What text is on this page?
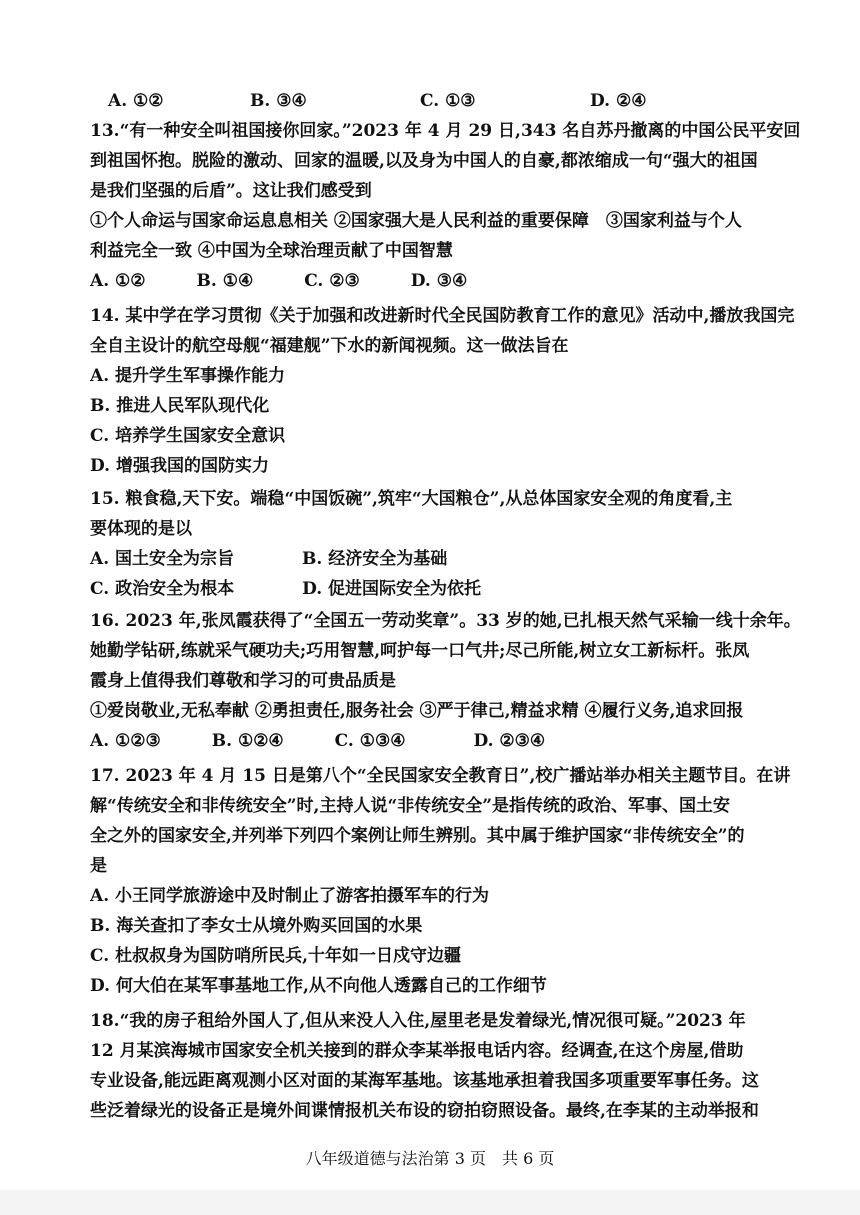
A. ①②	B. ③④	C. ①③	D. ②④
13.“有一种安全叫祖国接你回家。”2023 年 4 月 29 日,343 名自苏丹撤离的中国公民平安回
到祖国怀抱。脱险的激动、回家的温暖,以及身为中国人的自豪,都浓缩成一句“强大的祖国
是我们坚强的后盾”。这让我们感受到
①个人命运与国家命运息息相关 ②国家强大是人民利益的重要保障　③国家利益与个人
利益完全一致 ④中国为全球治理贡献了中国智慧
A. ①②　　　B. ①④　　　C. ②③　　　D. ③④
14. 某中学在学习贯彻《关于加强和改进新时代全民国防教育工作的意见》活动中,播放我国完
全自主设计的航空母舰“福建舰”下水的新闻视频。这一做法旨在
A. 提升学生军事操作能力
B. 推进人民军队现代化
C. 培养学生国家安全意识
D. 增强我国的国防实力
15. 粮食稳,天下安。端稳“中国饭碗”,筑牢“大国粮仓”,从总体国家安全观的角度看,主
要体现的是以
A. 国土安全为宗旨　　　　B. 经济安全为基础
C. 政治安全为根本　　　　D. 促进国际安全为依托
16. 2023 年,张凤霞获得了“全国五一劳动奖章”。33 岁的她,已扎根天然气采输一线十余年。
她勤学钻研,练就采气硬功夫;巧用智慧,呵护每一口气井;尽己所能,树立女工新标杆。张凤
霞身上值得我们尊敬和学习的可贵品质是
①爱岗敬业,无私奉献 ②勇担责任,服务社会 ③严于律己,精益求精 ④履行义务,追求回报
A. ①②③　　　B. ①②④　　　C. ①③④　　　　D. ②③④
17. 2023 年 4 月 15 日是第八个“全民国家安全教育日”,校广播站举办相关主题节目。在讲
解“传统安全和非传统安全”时,主持人说“非传统安全”是指传统的政治、军事、国土安
全之外的国家安全,并列举下列四个案例让师生辨别。其中属于维护国家“非传统安全”的
是
A. 小王同学旅游途中及时制止了游客拍摄军车的行为
B. 海关查扣了李女士从境外购买回国的水果
C. 杜叔叔身为国防哨所民兵,十年如一日戍守边疆
D. 何大伯在某军事基地工作,从不向他人透露自己的工作细节
18.“我的房子租给外国人了,但从来没人入住,屋里老是发着绿光,情况很可疑。”2023 年
12 月某滨海城市国家安全机关接到的群众李某举报电话内容。经调查,在这个房屋,借助
专业设备,能远距离观测小区对面的某海军基地。该基地承担着我国多项重要军事任务。这
些泛着绿光的设备正是境外间谍情报机关布设的窃拍窃照设备。最终,在李某的主动举报和
八年级道德与法治第 3 页　共 6 页
